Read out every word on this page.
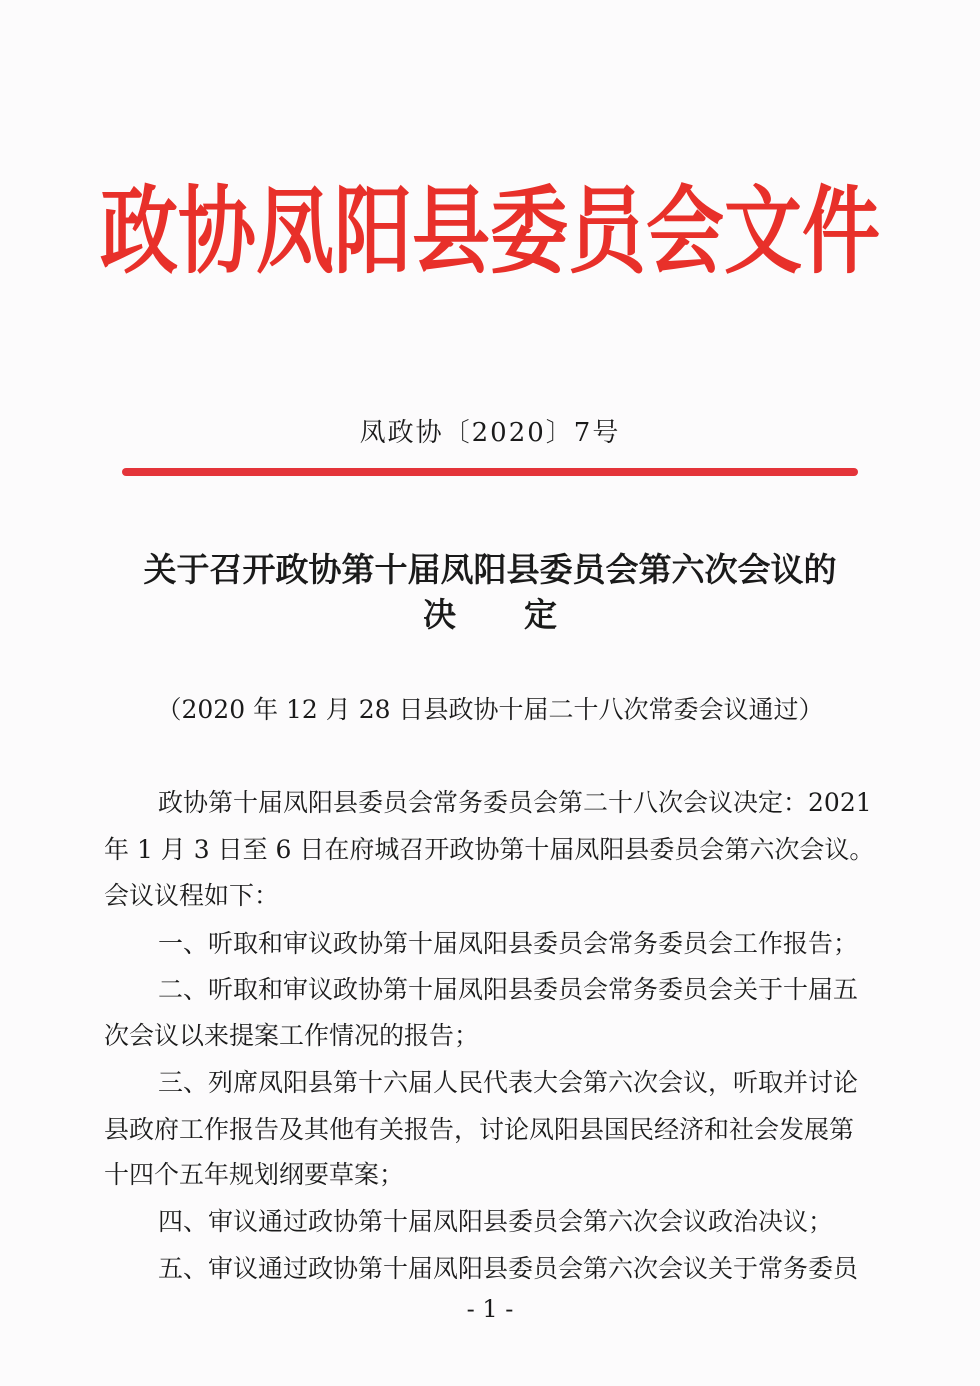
政协凤阳县委员会文件
凤政协〔2020〕7号
关于召开政协第十届凤阳县委员会第六次会议的
决定
（2020 年 12 月 28 日县政协十届二十八次常委会议通过）
政协第十届凤阳县委员会常务委员会第二十八次会议决定：2021
年 1 月 3 日至 6 日在府城召开政协第十届凤阳县委员会第六次会议。
会议议程如下：
一、听取和审议政协第十届凤阳县委员会常务委员会工作报告；
二、听取和审议政协第十届凤阳县委员会常务委员会关于十届五
次会议以来提案工作情况的报告；
三、列席凤阳县第十六届人民代表大会第六次会议，听取并讨论
县政府工作报告及其他有关报告，讨论凤阳县国民经济和社会发展第
十四个五年规划纲要草案；
四、审议通过政协第十届凤阳县委员会第六次会议政治决议；
五、审议通过政协第十届凤阳县委员会第六次会议关于常务委员
- 1 -
